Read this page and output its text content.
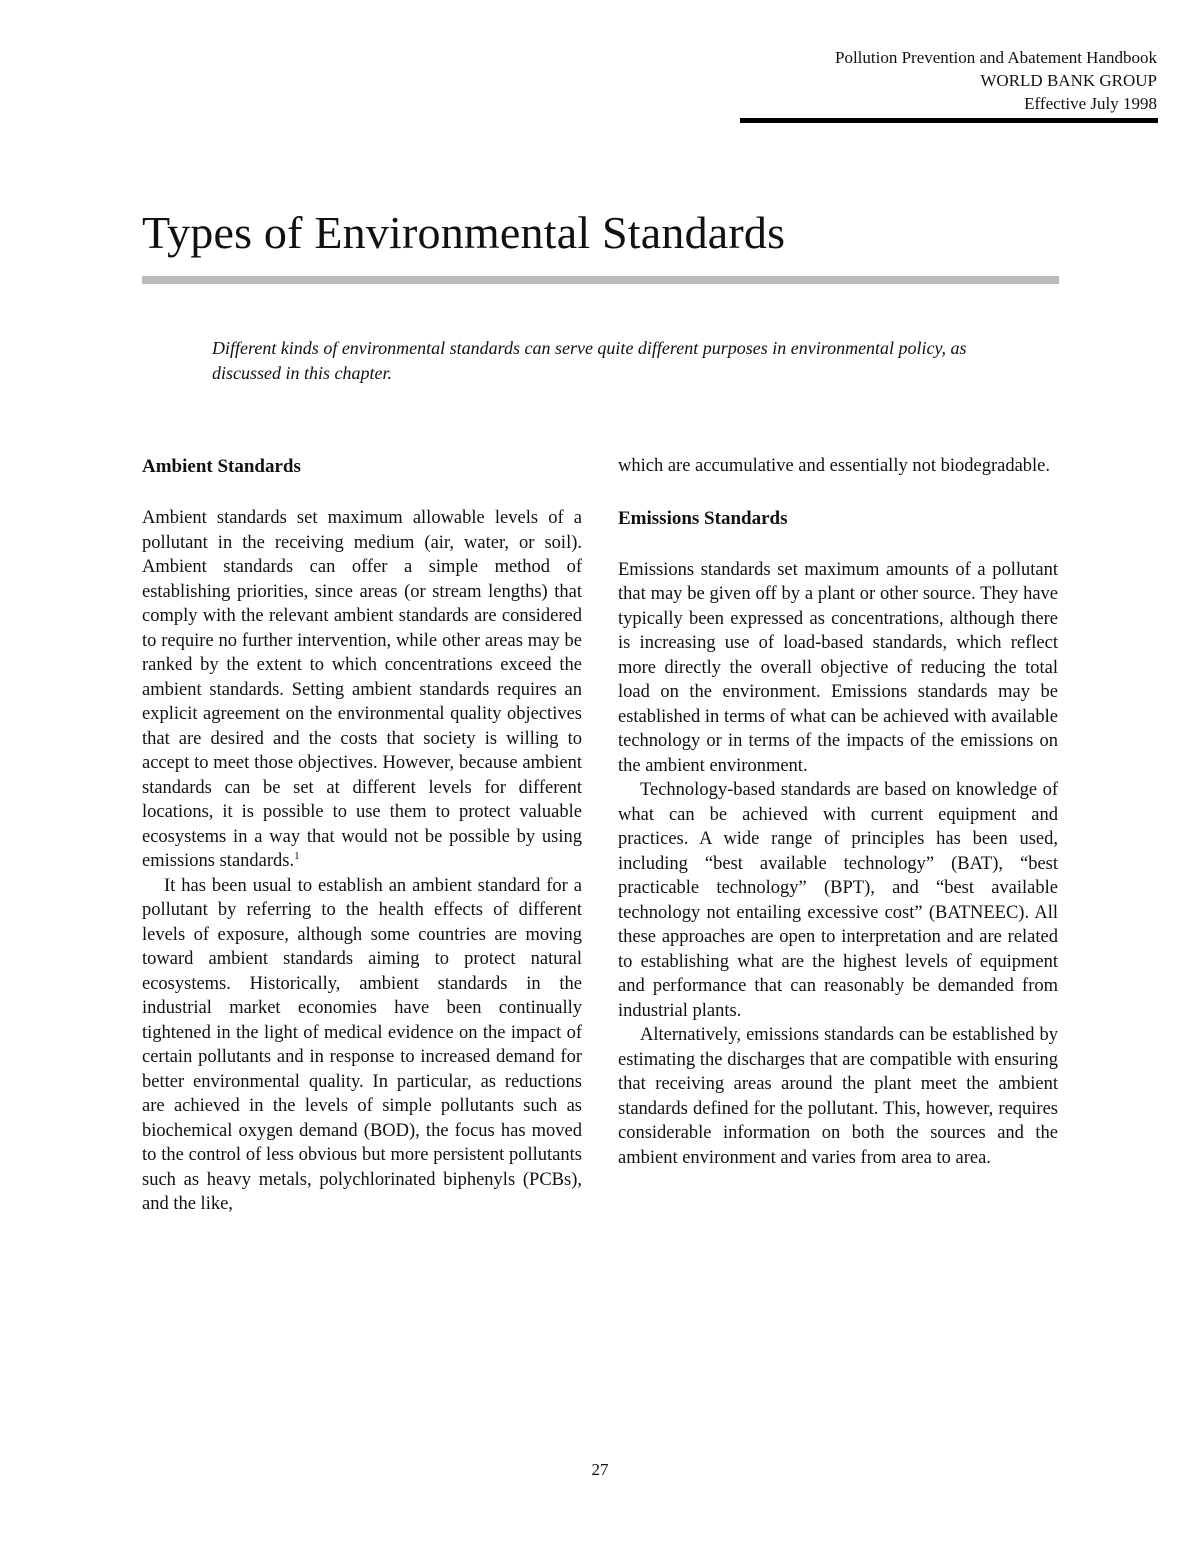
Pollution Prevention and Abatement Handbook
WORLD BANK GROUP
Effective July 1998
Types of Environmental Standards

Different kinds of environmental standards can serve quite different purposes in environmental policy, as discussed in this chapter.

Ambient Standards

Ambient standards set maximum allowable levels of a pollutant in the receiving medium (air, water, or soil). Ambient standards can offer a simple method of establishing priorities, since areas (or stream lengths) that comply with the relevant ambient standards are considered to require no further intervention, while other areas may be ranked by the extent to which concentrations exceed the ambient standards. Setting ambient standards requires an explicit agreement on the environmental quality objectives that are desired and the costs that society is willing to accept to meet those objectives. However, because ambient standards can be set at different levels for different locations, it is possible to use them to protect valuable ecosystems in a way that would not be possible by using emissions standards.$^1$

It has been usual to establish an ambient standard for a pollutant by referring to the health effects of different levels of exposure, although some countries are moving toward ambient standards aiming to protect natural ecosystems. Historically, ambient standards in the industrial market economies have been continually tightened in the light of medical evidence on the impact of certain pollutants and in response to increased demand for better environmental quality. In particular, as reductions are achieved in the levels of simple pollutants such as biochemical oxygen demand (BOD), the focus has moved to the control of less obvious but more persistent pollutants such as heavy metals, polychlorinated biphenyls (PCBs), and the like,

which are accumulative and essentially not biodegradable.

Emissions Standards

Emissions standards set maximum amounts of a pollutant that may be given off by a plant or other source. They have typically been expressed as concentrations, although there is increasing use of load-based standards, which reflect more directly the overall objective of reducing the total load on the environment. Emissions standards may be established in terms of what can be achieved with available technology or in terms of the impacts of the emissions on the ambient environment.

Technology-based standards are based on knowledge of what can be achieved with current equipment and practices. A wide range of principles has been used, including “best available technology” (BAT), “best practicable technology” (BPT), and “best available technology not entailing excessive cost” (BATNEEC). All these approaches are open to interpretation and are related to establishing what are the highest levels of equipment and performance that can reasonably be demanded from industrial plants.

Alternatively, emissions standards can be established by estimating the discharges that are compatible with ensuring that receiving areas around the plant meet the ambient standards defined for the pollutant. This, however, requires considerable information on both the sources and the ambient environment and varies from area to area.

27
